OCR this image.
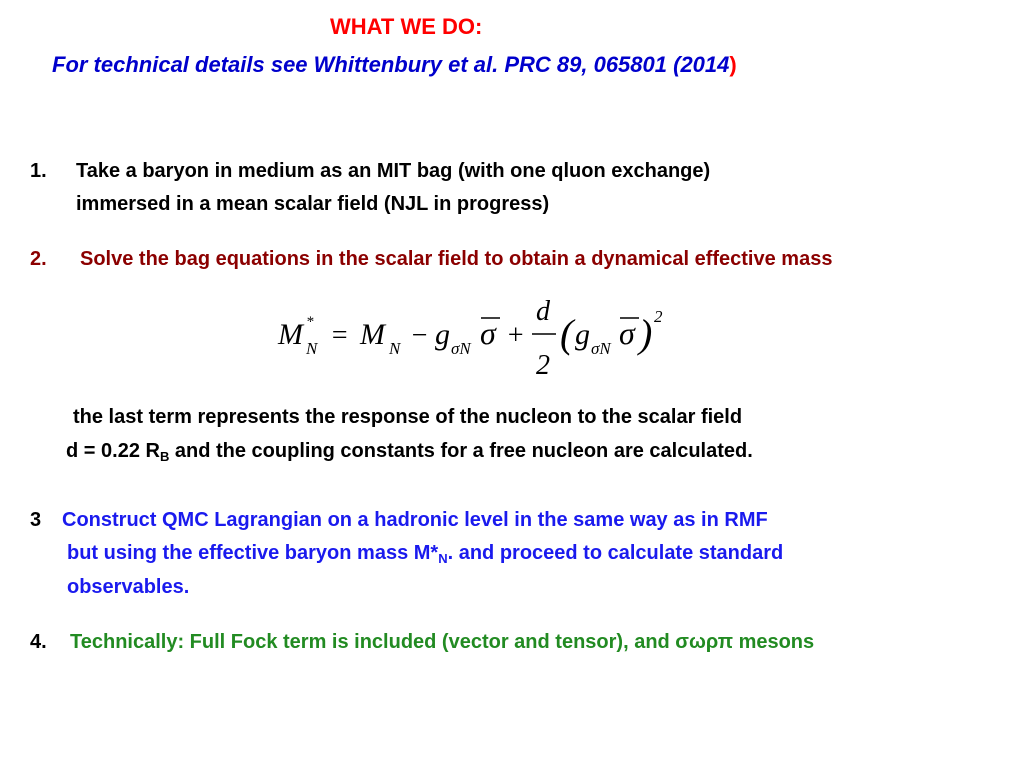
WHAT WE DO:
For technical details see Whittenbury et al. PRC 89, 065801 (2014)
1. Take a baryon in medium as an MIT bag (with one qluon exchange)
immersed in a mean scalar field (NJL in progress)
2. Solve the bag equations in the scalar field to obtain a dynamical effective mass
M *
N = M N − g σN σ +
d
2
( g σN σ ) 2
the last term represents the response of the nucleon to the scalar field
d = 0.22 $R_B$ and the coupling constants for a free nucleon are calculated.
3 Construct QMC Lagrangian on a hadronic level in the same way as in RMF
but using the effective baryon mass $M*_N$. and proceed to calculate standard
observables.
4. Technically: Full Fock term is included (vector and tensor), and σωρπ mesons
